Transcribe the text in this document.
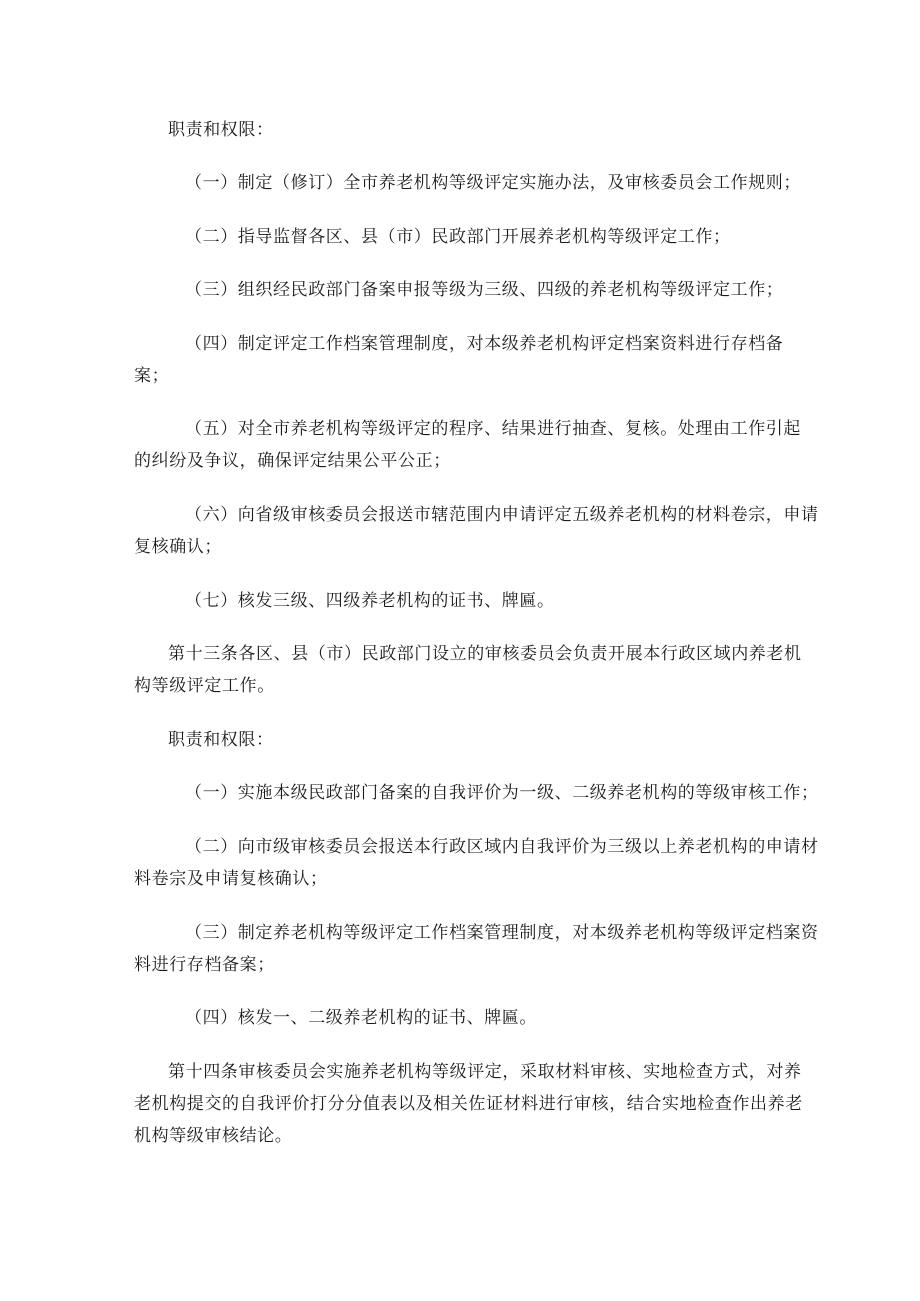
职责和权限：
（一）制定（修订）全市养老机构等级评定实施办法，及审核委员会工作规则；
（二）指导监督各区、县（市）民政部门开展养老机构等级评定工作；
（三）组织经民政部门备案申报等级为三级、四级的养老机构等级评定工作；
（四）制定评定工作档案管理制度，对本级养老机构评定档案资料进行存档备
案；
（五）对全市养老机构等级评定的程序、结果进行抽查、复核。处理由工作引起
的纠纷及争议，确保评定结果公平公正；
（六）向省级审核委员会报送市辖范围内申请评定五级养老机构的材料卷宗，申请
复核确认；
（七）核发三级、四级养老机构的证书、牌匾。
第十三条各区、县（市）民政部门设立的审核委员会负责开展本行政区域内养老机
构等级评定工作。
职责和权限：
（一）实施本级民政部门备案的自我评价为一级、二级养老机构的等级审核工作；
（二）向市级审核委员会报送本行政区域内自我评价为三级以上养老机构的申请材
料卷宗及申请复核确认；
（三）制定养老机构等级评定工作档案管理制度，对本级养老机构等级评定档案资
料进行存档备案；
（四）核发一、二级养老机构的证书、牌匾。
第十四条审核委员会实施养老机构等级评定，采取材料审核、实地检查方式，对养
老机构提交的自我评价打分分值表以及相关佐证材料进行审核，结合实地检查作出养老
机构等级审核结论。
